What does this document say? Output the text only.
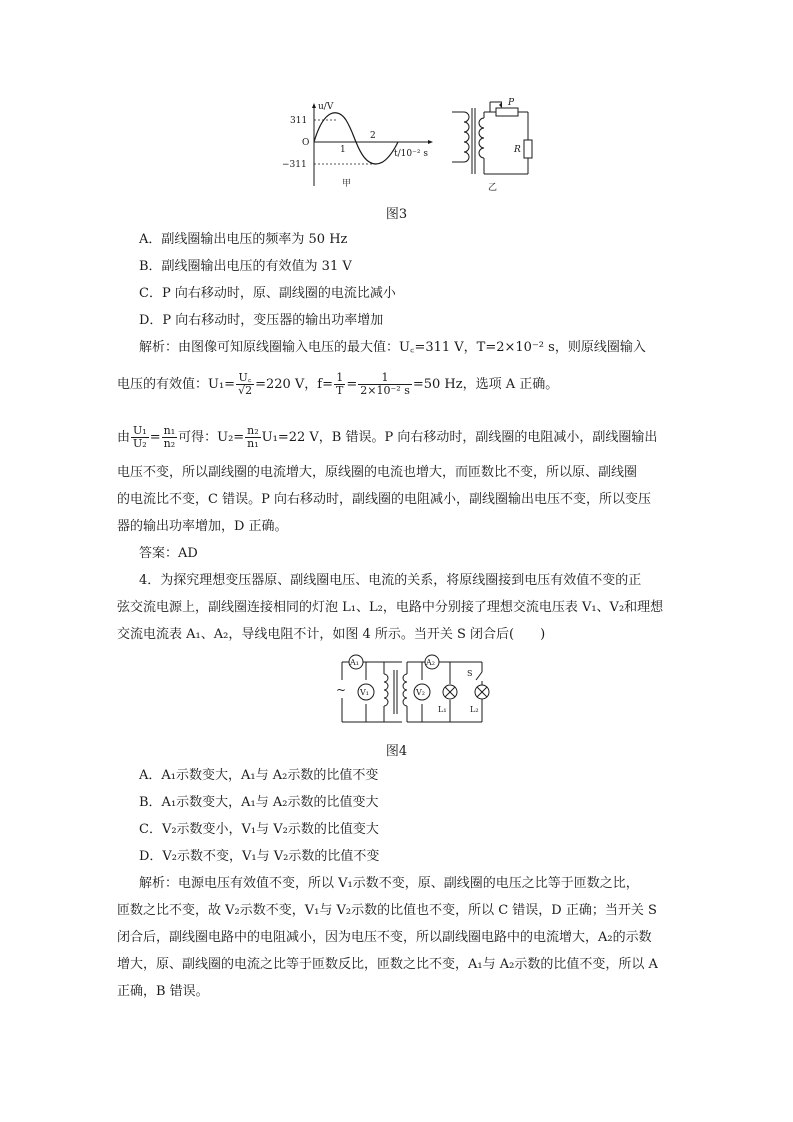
u/V
311
O
−311
1
2
t/10⁻² s
甲
P
R
乙
图3
A．副线圈输出电压的频率为 50 Hz
B．副线圈输出电压的有效值为 31 V
C．P 向右移动时，原、副线圈的电流比减小
D．P 向右移动时，变压器的输出功率增加
解析：由图像可知原线圈输入电压的最大值：U꜀=311 V，T=2×10⁻² s，则原线圈输入
电压的有效值：$U_1= \frac{U꜀}{√2} =220$ V，$f= \frac{1}{T} = \frac{1}{\text{2×10⁻² s}} =50$ Hz，选项 A 正确。
由 $\frac{\text{U₁}}{\text{U₂}} = \frac{\text{n₁}}{\text{n₂}}$ 可得：$U_2= \frac{\text{n₂}}{\text{n₁}} U_1=22$ V，B 错误。P 向右移动时，副线圈的电阻减小，副线圈输出
电压不变，所以副线圈的电流增大，原线圈的电流也增大，而匝数比不变，所以原、副线圈
的电流比不变，C 错误。P 向右移动时，副线圈的电阻减小，副线圈输出电压不变，所以变压
器的输出功率增加，D 正确。
答案：AD
4．为探究理想变压器原、副线圈电压、电流的关系，将原线圈接到电压有效值不变的正
弦交流电源上，副线圈连接相同的灯泡 L₁、L₂，电路中分别接了理想交流电压表 V₁、V₂和理想
交流电流表 A₁、A₂，导线电阻不计，如图 4 所示。当开关 S 闭合后(　　)
~
A₁
V₁
A₂
V₂
L₁
S
L₂
图4
A．A₁示数变大，A₁与 A₂示数的比值不变
B．A₁示数变大，A₁与 A₂示数的比值变大
C．V₂示数变小，V₁与 V₂示数的比值变大
D．V₂示数不变，V₁与 V₂示数的比值不变
解析：电源电压有效值不变，所以 V₁示数不变，原、副线圈的电压之比等于匝数之比，
匝数之比不变，故 V₂示数不变，V₁与 V₂示数的比值也不变，所以 C 错误，D 正确；当开关 S
闭合后，副线圈电路中的电阻减小，因为电压不变，所以副线圈电路中的电流增大，A₂的示数
增大，原、副线圈的电流之比等于匝数反比，匝数之比不变，A₁与 A₂示数的比值不变，所以 A
正确，B 错误。
